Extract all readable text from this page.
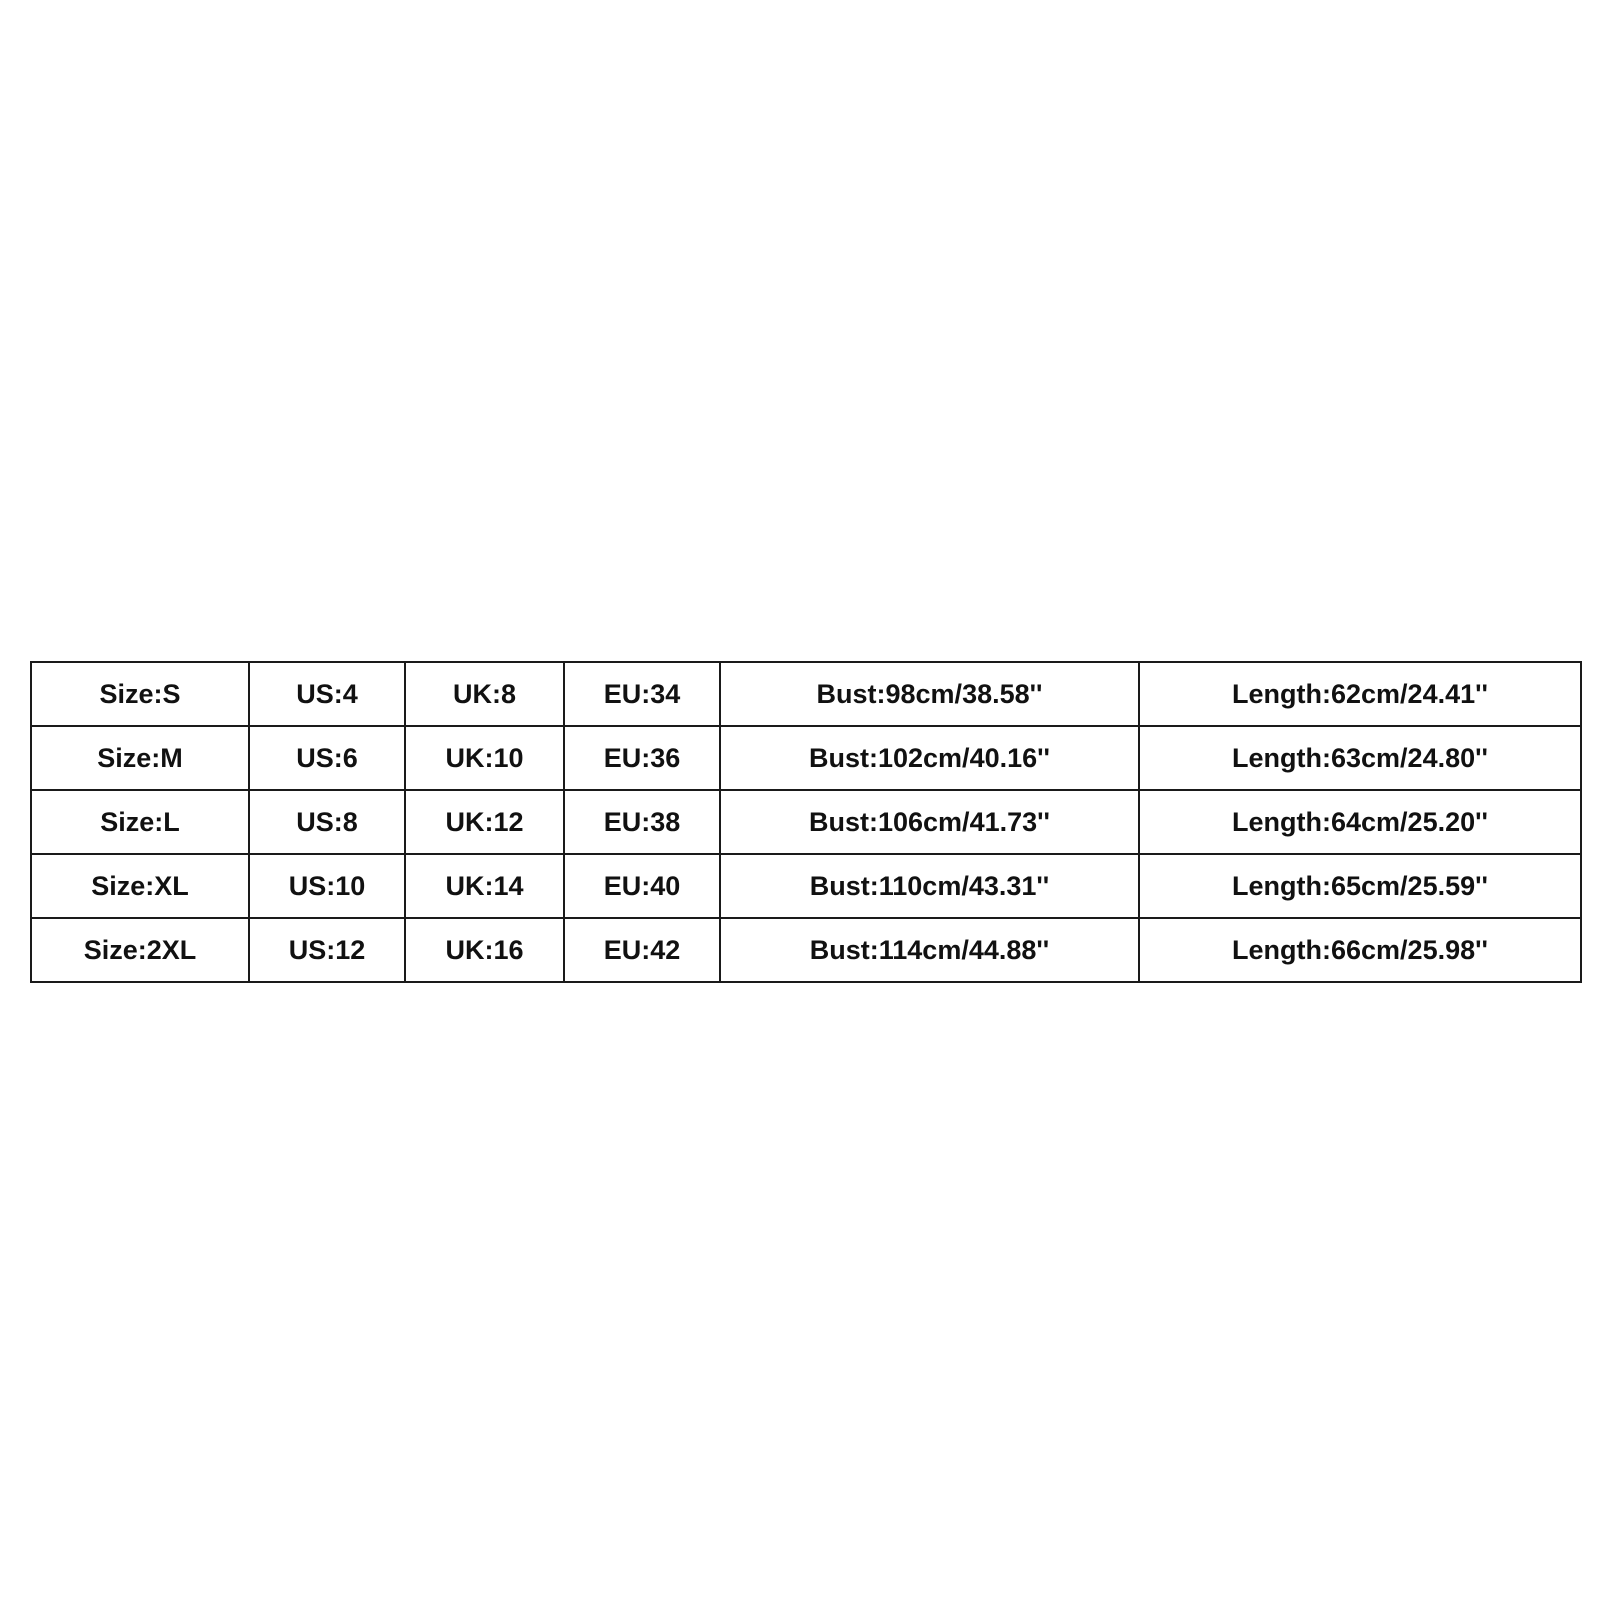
Size:S	US:4	UK:8	EU:34	Bust:98cm/38.58''	Length:62cm/24.41''
Size:M	US:6	UK:10	EU:36	Bust:102cm/40.16''	Length:63cm/24.80''
Size:L	US:8	UK:12	EU:38	Bust:106cm/41.73''	Length:64cm/25.20''
Size:XL	US:10	UK:14	EU:40	Bust:110cm/43.31''	Length:65cm/25.59''
Size:2XL	US:12	UK:16	EU:42	Bust:114cm/44.88''	Length:66cm/25.98''
